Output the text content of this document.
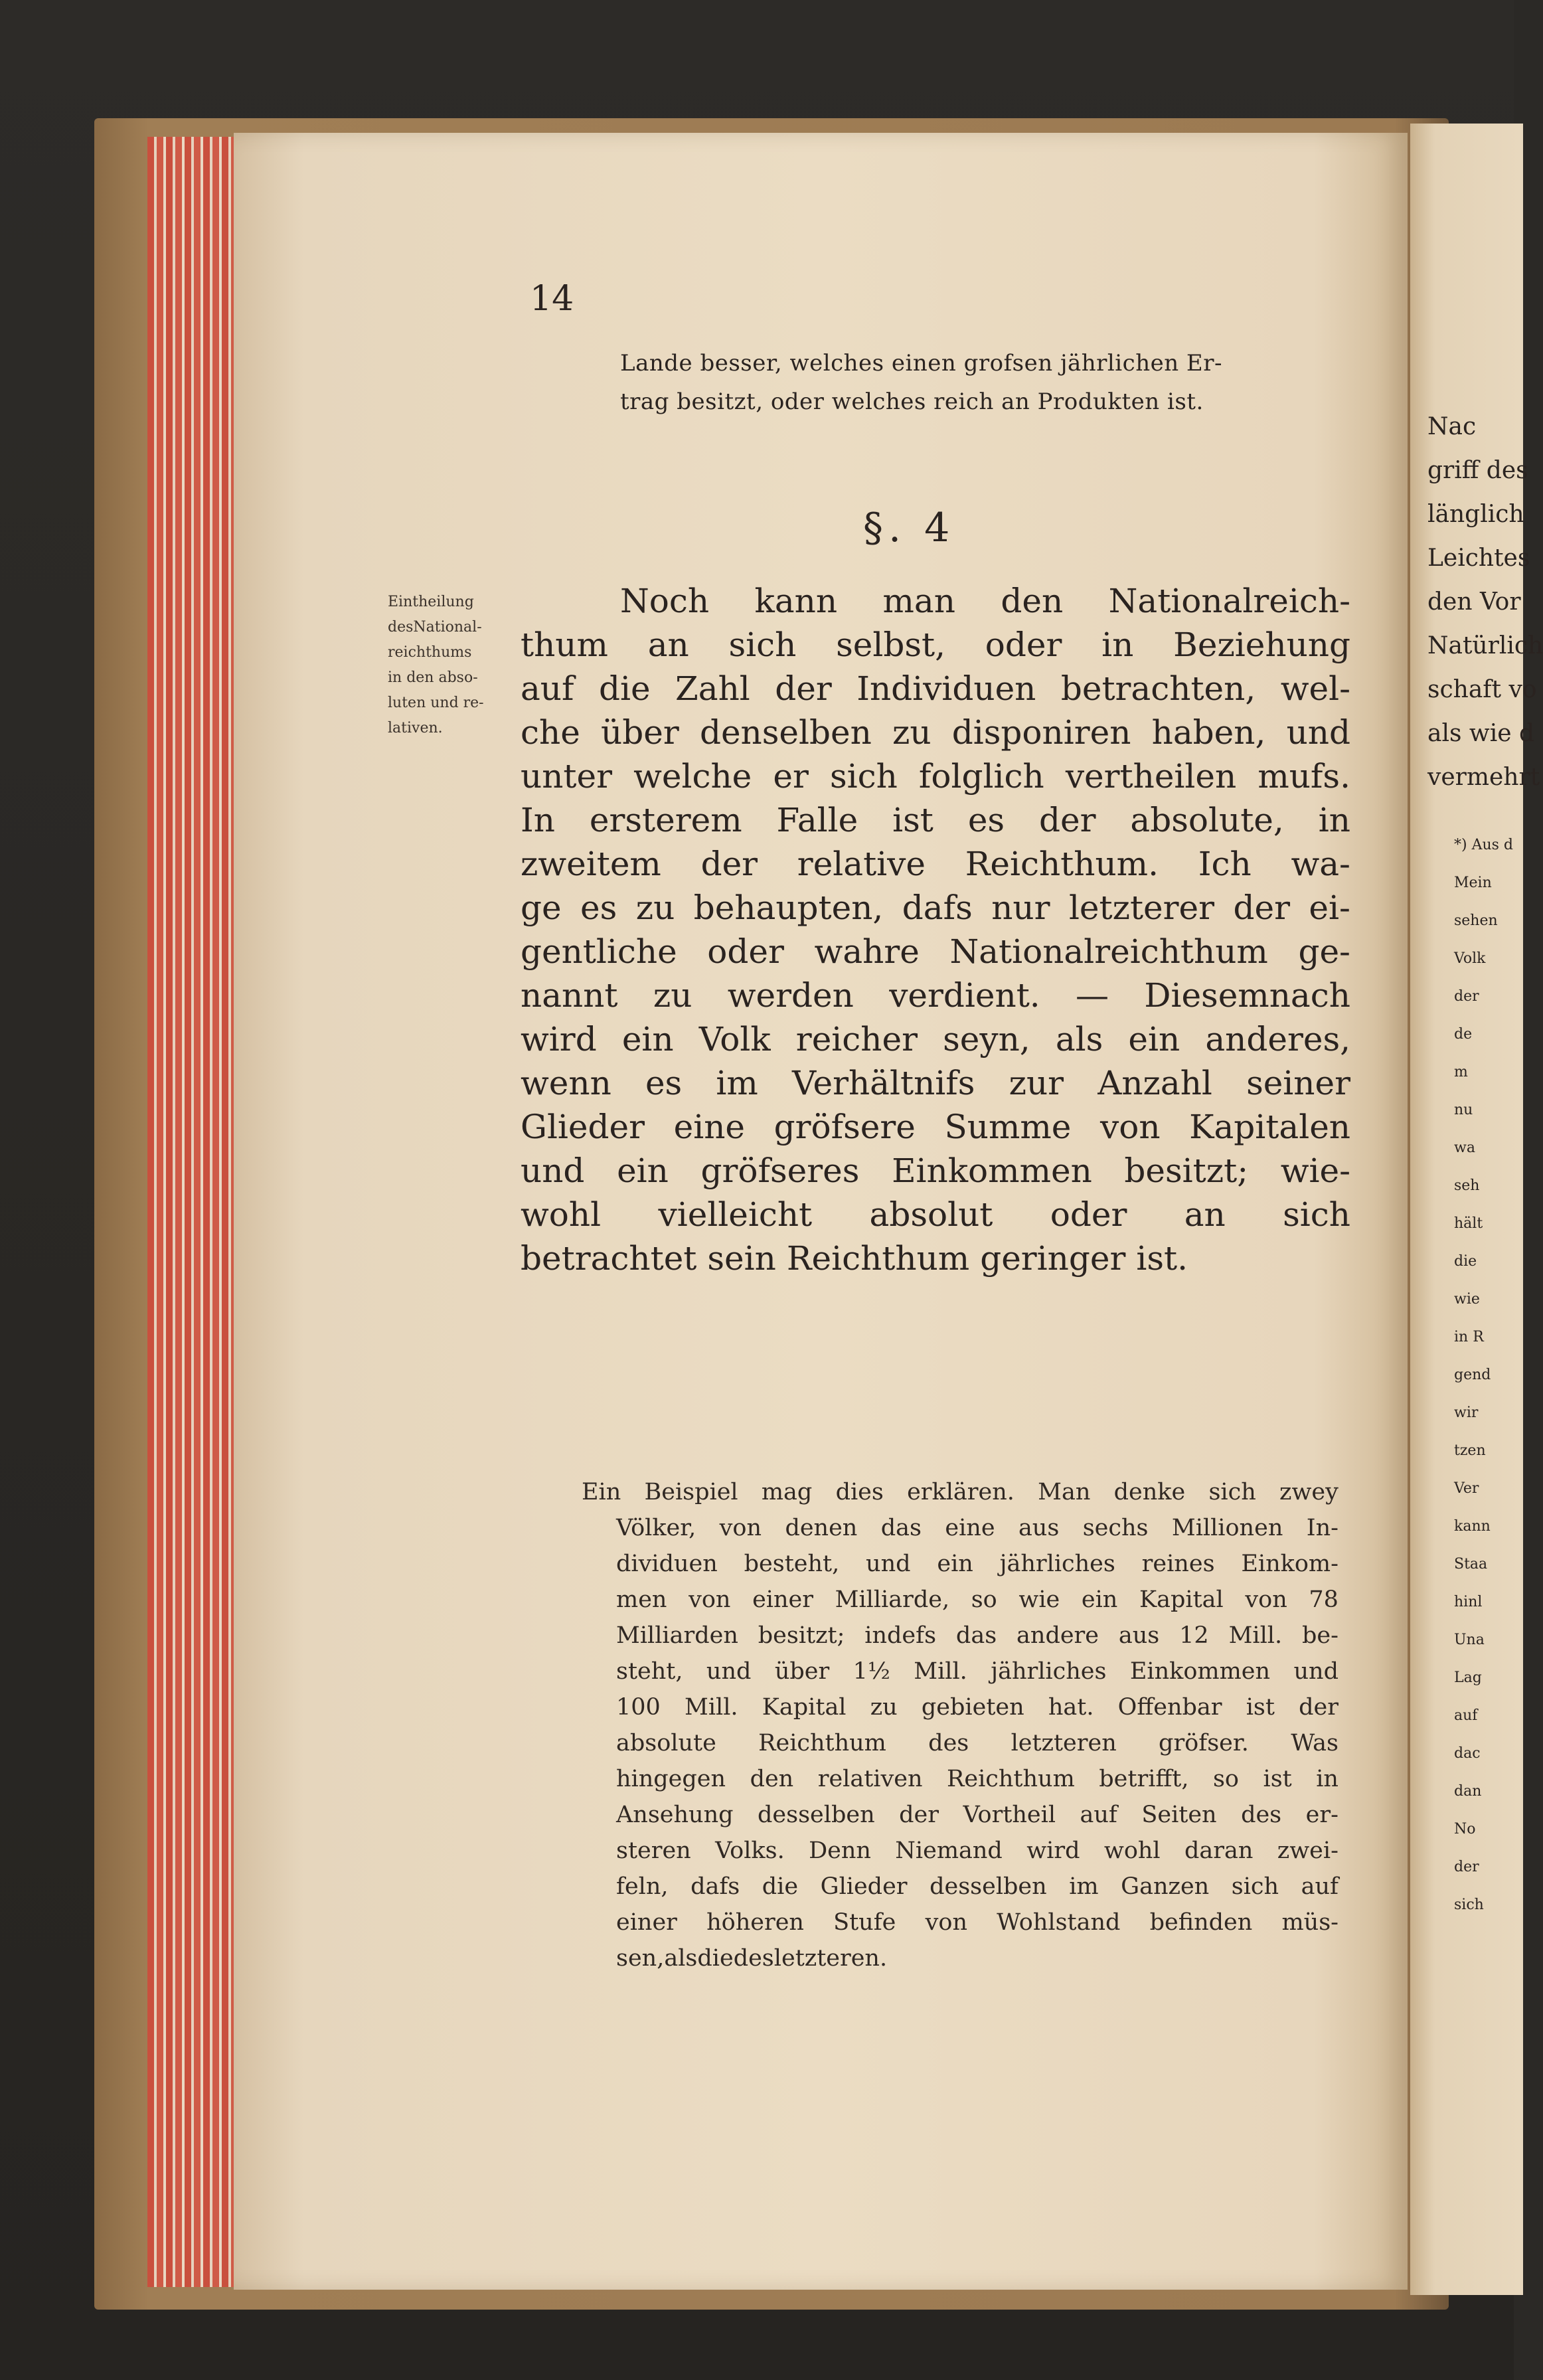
Nac
griff des
länglich
Leichtes
den Vor
Natürlich
schaft vo
als wie d
vermehrt
*) Aus d
Mein
sehen
Volk
der
de
m
nu
wa
seh
hält
die
wie
in R
gend
wir
tzen
Ver
kann
Staa
hinl
Una
Lag
auf
dac
dan
No
der
sich
14
Lande besser, welches einen grofsen jährlichen Er-
trag besitzt, oder welches reich an Produkten ist.
§. 4
Eintheilung
desNational-
reichthums
in den abso-
luten und re-
lativen.
Noch kann man den Nationalreich-
thum an sich selbst, oder in Beziehung
auf die Zahl der Individuen betrachten, wel-
che über denselben zu disponiren haben, und
unter welche er sich folglich vertheilen mufs.
In ersterem Falle ist es der absolute, in
zweitem der relative Reichthum. Ich wa-
ge es zu behaupten, dafs nur letzterer der ei-
gentliche oder wahre Nationalreichthum ge-
nannt zu werden verdient. — Diesemnach
wird ein Volk reicher seyn, als ein anderes,
wenn es im Verhältnifs zur Anzahl seiner
Glieder eine gröfsere Summe von Kapitalen
und ein gröfseres Einkommen besitzt; wie-
wohl vielleicht absolut oder an sich
betrachtet sein Reichthum geringer ist.
Ein Beispiel mag dies erklären. Man denke sich zwey
Völker, von denen das eine aus sechs Millionen In-
dividuen besteht, und ein jährliches reines Einkom-
men von einer Milliarde, so wie ein Kapital von 78
Milliarden besitzt; indefs das andere aus 12 Mill. be-
steht, und über 1½ Mill. jährliches Einkommen und
100 Mill. Kapital zu gebieten hat. Offenbar ist der
absolute Reichthum des letzteren gröfser. Was
hingegen den relativen Reichthum betrifft, so ist in
Ansehung desselben der Vortheil auf Seiten des er-
steren Volks. Denn Niemand wird wohl daran zwei-
feln, dafs die Glieder desselben im Ganzen sich auf
einer höheren Stufe von Wohlstand befinden müs-
sen, als die des letzteren.
